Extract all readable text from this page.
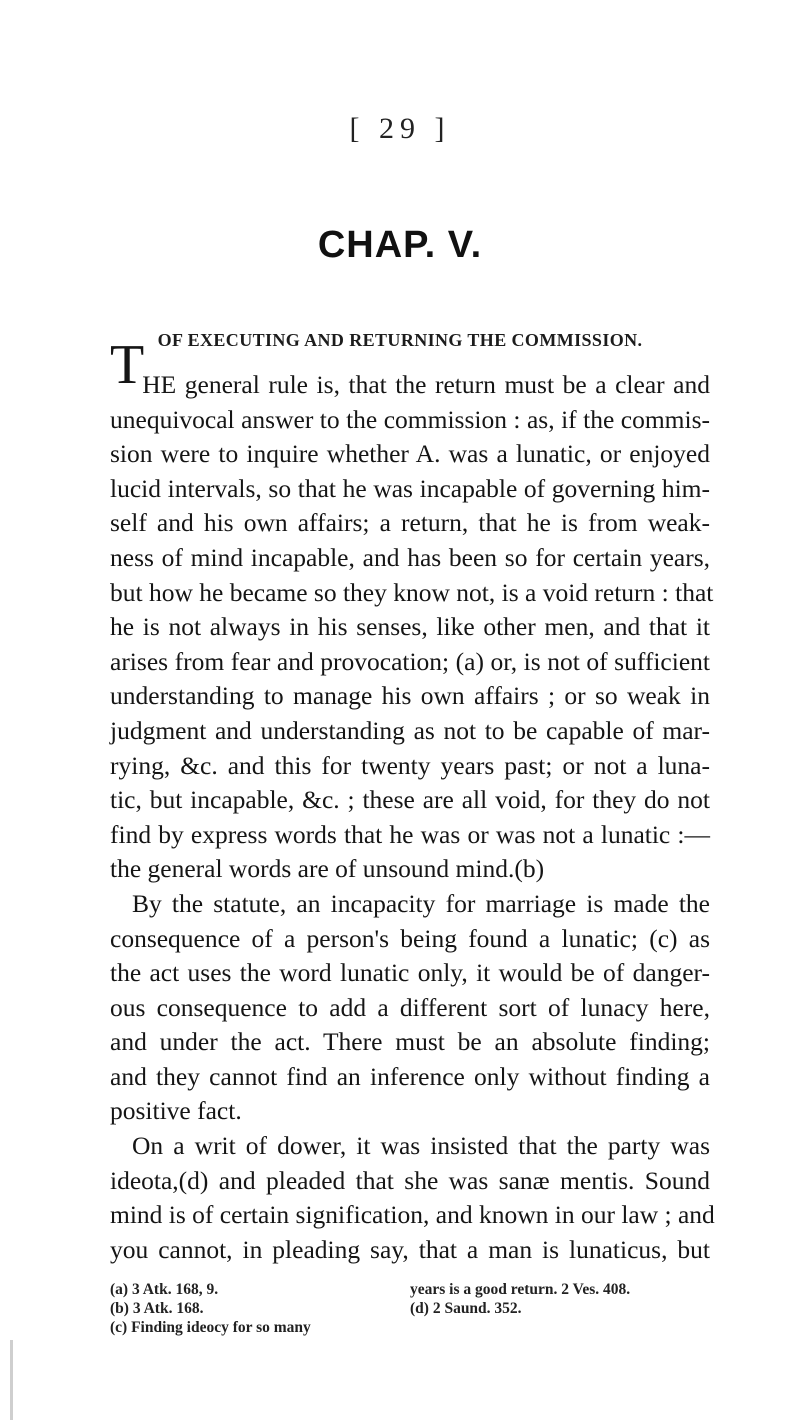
[ 29 ]
CHAP. V.
OF EXECUTING AND RETURNING THE COMMISSION.
THE general rule is, that the return must be a clear and
unequivocal answer to the commission : as, if the commis-
sion were to inquire whether A. was a lunatic, or enjoyed
lucid intervals, so that he was incapable of governing him-
self and his own affairs; a return, that he is from weak-
ness of mind incapable, and has been so for certain years,
but how he became so they know not, is a void return : that
he is not always in his senses, like other men, and that it
arises from fear and provocation; (a) or, is not of sufficient
understanding to manage his own affairs ; or so weak in
judgment and understanding as not to be capable of mar-
rying, &c. and this for twenty years past; or not a luna-
tic, but incapable, &c. ; these are all void, for they do not
find by express words that he was or was not a lunatic :—
the general words are of unsound mind.(b)
By the statute, an incapacity for marriage is made the
consequence of a person's being found a lunatic; (c) as
the act uses the word lunatic only, it would be of danger-
ous consequence to add a different sort of lunacy here,
and under the act. There must be an absolute finding;
and they cannot find an inference only without finding a
positive fact.
On a writ of dower, it was insisted that the party was
ideota,(d) and pleaded that she was sanæ mentis. Sound
mind is of certain signification, and known in our law ; and
you cannot, in pleading say, that a man is lunaticus, but
(a) 3 Atk. 168, 9.	years is a good return. 2 Ves. 408.
(b) 3 Atk. 168.	(d) 2 Saund. 352.
(c) Finding ideocy for so many
